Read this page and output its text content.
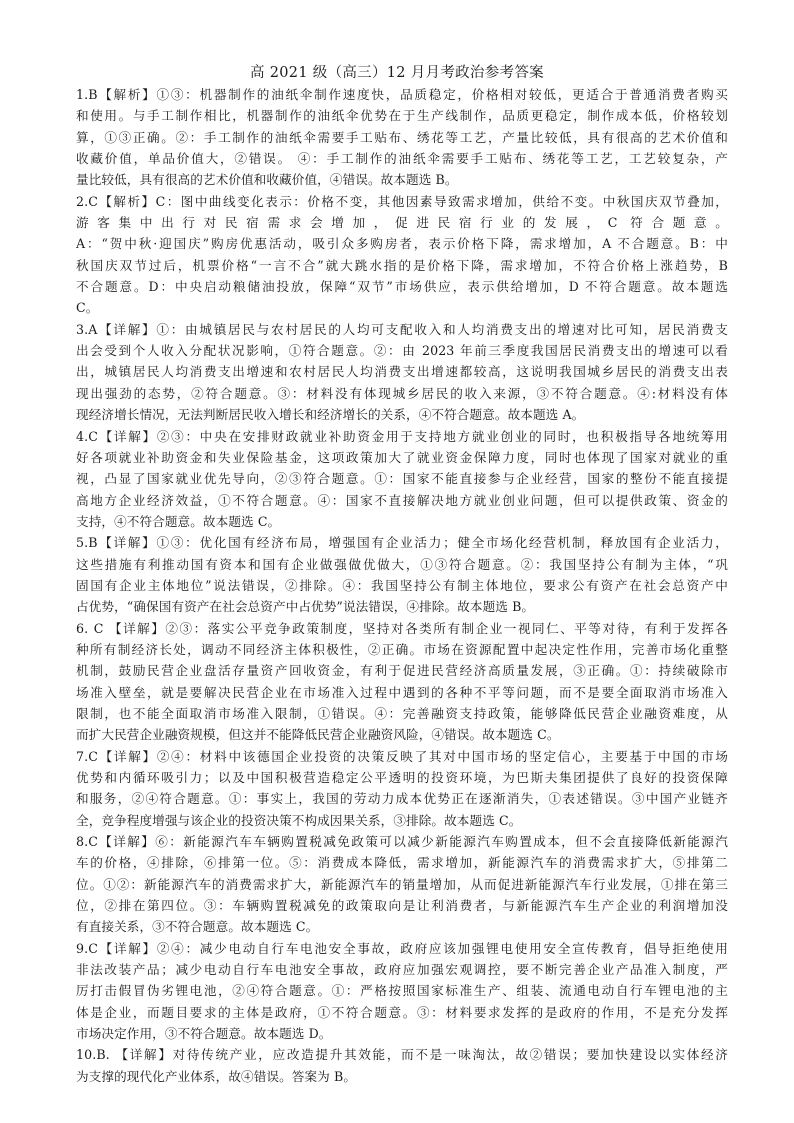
高 2021 级（高三）12 月月考政治参考答案
1.B【解析】①③：机器制作的油纸伞制作速度快，品质稳定，价格相对较低，更适合于普通消费者购买
和使用。与手工制作相比，机器制作的油纸伞优势在于生产线制作，品质更稳定，制作成本低，价格较划
算，①③正确。②：手工制作的油纸伞需要手工贴布、绣花等工艺，产量比较低，具有很高的艺术价值和
收藏价值，单品价值大，②错误。 ④：手工制作的油纸伞需要手工贴布、绣花等工艺，工艺较复杂，产
量比较低，具有很高的艺术价值和收藏价值，④错误。故本题选 B。
2.C【解析】C：图中曲线变化表示：价格不变，其他因素导致需求增加，供给不变。中秋国庆双节叠加，
游客集中出行对民宿需求会增加，促进民宿行业的发展，C 符合题意。
A：“贺中秋·迎国庆”购房优惠活动，吸引众多购房者，表示价格下降，需求增加，A 不合题意。B：中
秋国庆双节过后，机票价格“一言不合”就大跳水指的是价格下降，需求增加，不符合价格上涨趋势，B
不合题意。D：中央启动粮储油投放，保障“双节”市场供应，表示供给增加，D 不符合题意。故本题选
C。
3.A【详解】①：由城镇居民与农村居民的人均可支配收入和人均消费支出的增速对比可知，居民消费支
出会受到个人收入分配状况影响，①符合题意。②：由 2023 年前三季度我国居民消费支出的增速可以看
出，城镇居民人均消费支出增速和农村居民人均消费支出增速都较高，这说明我国城乡居民的消费支出表
现出强劲的态势，②符合题意。③：材料没有体现城乡居民的收入来源，③不符合题意。④:材料没有体
现经济增长情况，无法判断居民收入增长和经济增长的关系，④不符合题意。故本题选 A。
4.C【详解】②③：中央在安排财政就业补助资金用于支持地方就业创业的同时，也积极指导各地统筹用
好各项就业补助资金和失业保险基金，这项政策加大了就业资金保障力度，同时也体现了国家对就业的重
视，凸显了国家就业优先导向，②③符合题意。①：国家不能直接参与企业经营，国家的整份不能直接提
高地方企业经济效益，①不符合题意。④：国家不直接解决地方就业创业问题，但可以提供政策、资金的
支持，④不符合题意。故本题选 C。
5.B【详解】①③：优化国有经济布局，增强国有企业活力；健全市场化经营机制，释放国有企业活力，
这些措施有利推动国有资本和国有企业做强做优做大，①③符合题意。②：我国坚持公有制为主体，“巩
固国有企业主体地位”说法错误，②排除。④：我国坚持公有制主体地位，要求公有资产在社会总资产中
占优势，“确保国有资产在社会总资产中占优势”说法错误，④排除。故本题选 B。
6. C 【详解】②③：落实公平竞争政策制度，坚持对各类所有制企业一视同仁、平等对待，有利于发挥各
种所有制经济长处，调动不同经济主体积极性，②正确。市场在资源配置中起决定性作用，完善市场化重整
机制，鼓励民营企业盘活存量资产回收资金，有利于促进民营经济高质量发展，③正确。①：持续破除市
场准入壁垒，就是要解决民营企业在市场准入过程中遇到的各种不平等问题，而不是要全面取消市场准入
限制，也不能全面取消市场准入限制，①错误。④：完善融资支持政策，能够降低民营企业融资难度，从
而扩大民营企业融资规模，但这并不能降低民营企业融资风险，④错误。故本题选 C。
7.C【详解】②④：材料中该德国企业投资的决策反映了其对中国市场的坚定信心，主要基于中国的市场
优势和内循环吸引力；以及中国积极营造稳定公平透明的投资环境，为巴斯夫集团提供了良好的投资保障
和服务，②④符合题意。①：事实上，我国的劳动力成本优势正在逐渐消失，①表述错误。③中国产业链齐
全，竞争程度增强与该企业的投资决策不构成因果关系，③排除。故本题选 C。
8.C【详解】⑥：新能源汽车车辆购置税减免政策可以减少新能源汽车购置成本，但不会直接降低新能源汽
车的价格，④排除，⑥排第一位。⑤：消费成本降低，需求增加，新能源汽车的消费需求扩大，⑤排第二
位。①②：新能源汽车的消费需求扩大，新能源汽车的销量增加，从而促进新能源汽车行业发展，①排在第三
位，②排在第四位。③：车辆购置税减免的政策取向是让利消费者，与新能源汽车生产企业的利润增加没
有直接关系，③不符合题意。故本题选 C。
9.C【详解】②④：减少电动自行车电池安全事故，政府应该加强锂电使用安全宣传教育，倡导拒绝使用
非法改装产品；减少电动自行车电池安全事故，政府应加强宏观调控，要不断完善企业产品准入制度，严
厉打击假冒伪劣锂电池，②④符合题意。①：严格按照国家标准生产、组装、流通电动自行车锂电池的主
体是企业，而题目要求的主体是政府，①不符合题意。③：材料要求发挥的是政府的作用，不是充分发挥
市场决定作用，③不符合题意。故本题选 D。
10.B. 【详解】对待传统产业，应改造提升其效能，而不是一味淘汰，故②错误；要加快建设以实体经济
为支撑的现代化产业体系，故④错误。答案为 B。
